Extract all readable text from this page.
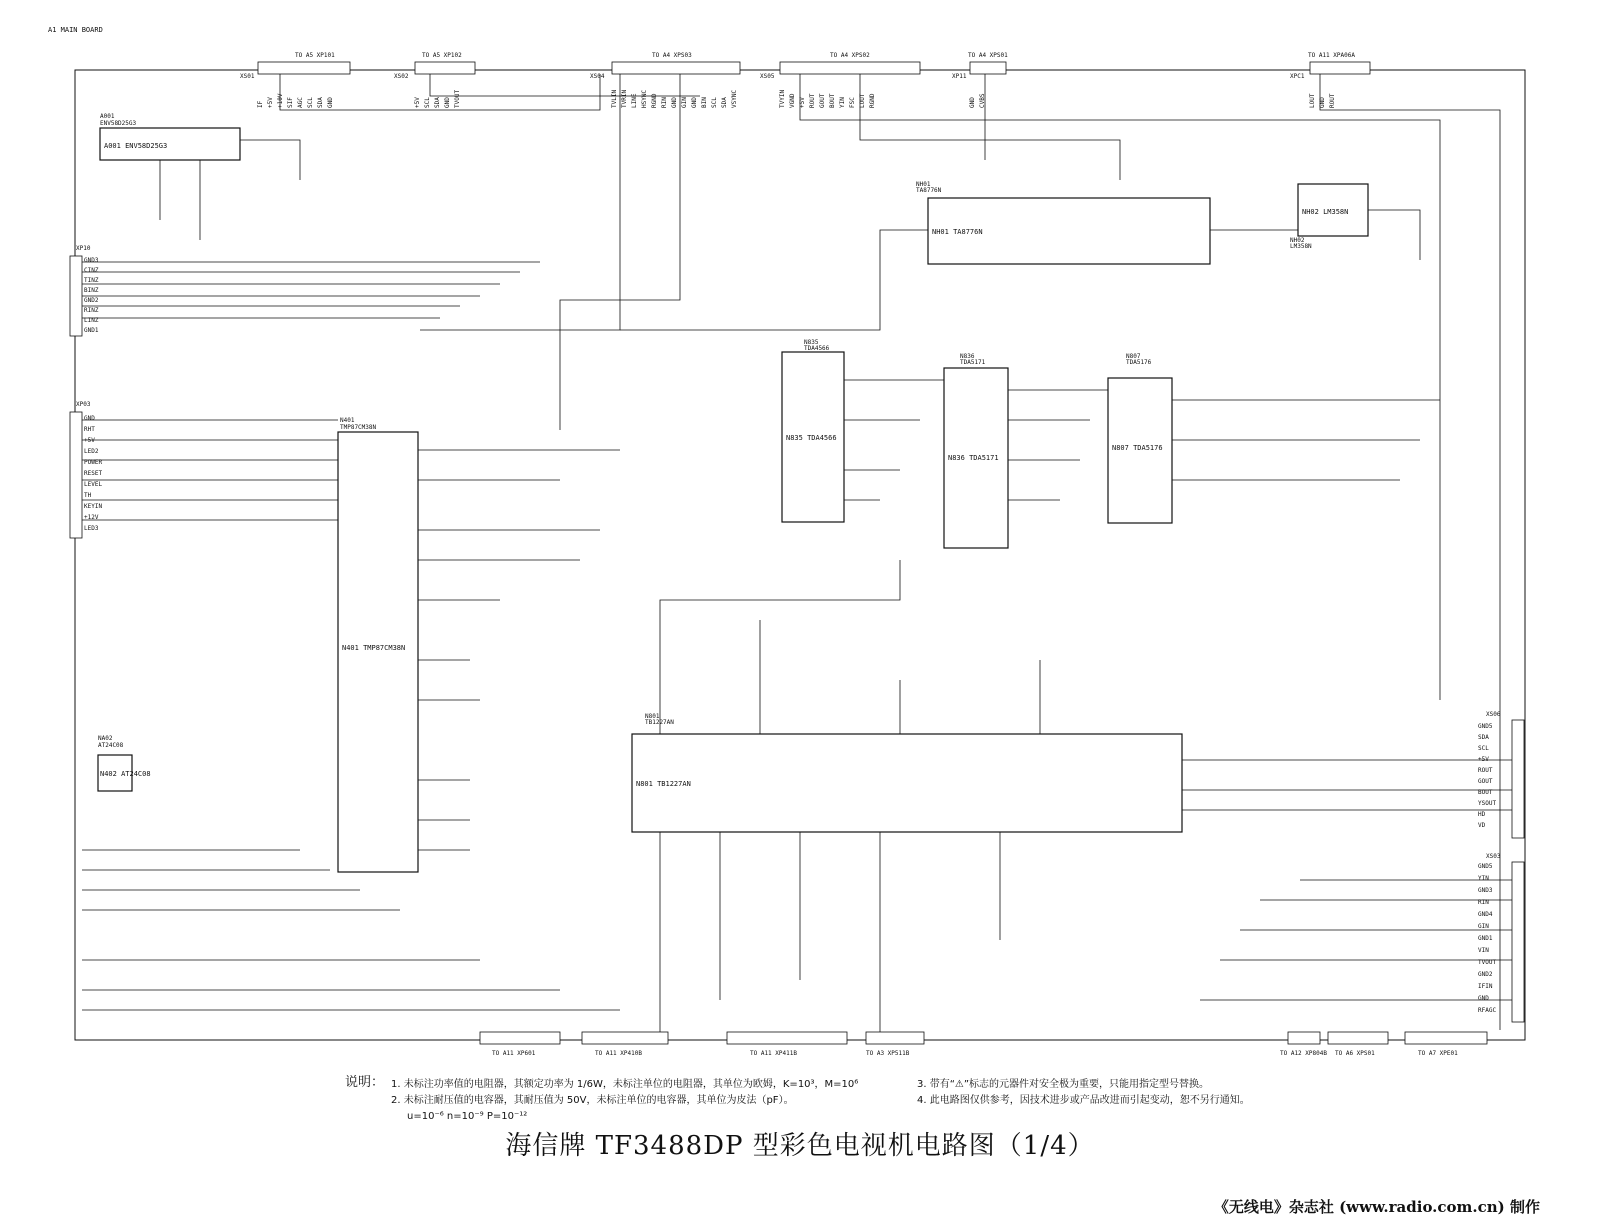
A1 MAIN BOARD
TO A5 XP101
XS01
TO A5 XP102
XS02
TO A4 XPS03
XS04
TO A4 XPS02
XS05
TO A4 XPS01
XP11
TO A11 XPA06A
XPC1
A001
ENV58D25G3
N401
TMP87CM38N
N835
TDA4566
N836
TDA5171
N807
TDA5176
N801
TB1227AN
NH01
TA8776N
NH02
LM358N
NA02
AT24C08
XP10
XP03
XS06
XS03
TO A11 XP601	TO A11 XP410B	TO A11 XP411B	TO A3 XP511B	TO A12 XP804B TO A6 XPS01	TO A7 XPE01
A001 ENV58D25G3
N401 TMP87CM38N
N835 TDA4566
N836 TDA5171
N807 TDA5176
N801 TB1227AN
NH01 TA8776N
NH02 LM358N
N402 AT24C08
IF +5V +10V SIF AGC SCL SDA GND	+5V SCL SDA GND TVOUT	TVLIN TVRIN LINE HSYNC RGND RIN GND GIN GND BIN SCL SDA VSYNC	TVYIN VGND +5V ROUT GOUT BOUT YIN FSC LOUT RGND	GND CVBS	LOUT GND ROUT
GND3
CINZ
TINZ
BINZ
GND2
RINZ
LINZ
GND1
GND
RHT
+5V
LED2
POWER
RESET
LEVEL
TH
KEYIN
+12V
LED3
GND5
SDA
SCL
+5V
ROUT
GOUT
BOUT
YSOUT
HD
VD
GND5
YIN
GND3
RIN
GND4
GIN
GND1
VIN
TVOUT
GND2
IFIN
GND
RFAGC
说明： 1. 未标注功率值的电阻器，其额定功率为 1/6W，未标注单位的电阻器，其单位为欧姆，K=10³，M=10⁶
2. 未标注耐压值的电容器，其耐压值为 50V，未标注单位的电容器，其单位为皮法（pF）。
u=10⁻⁶ n=10⁻⁹ P=10⁻¹²
3. 带有“⚠”标志的元器件对安全极为重要，只能用指定型号替换。
4. 此电路图仅供参考，因技术进步或产品改进而引起变动，恕不另行通知。
海信牌 TF3488DP 型彩色电视机电路图（1/4）
《无线电》杂志社 (www.radio.com.cn) 制作
